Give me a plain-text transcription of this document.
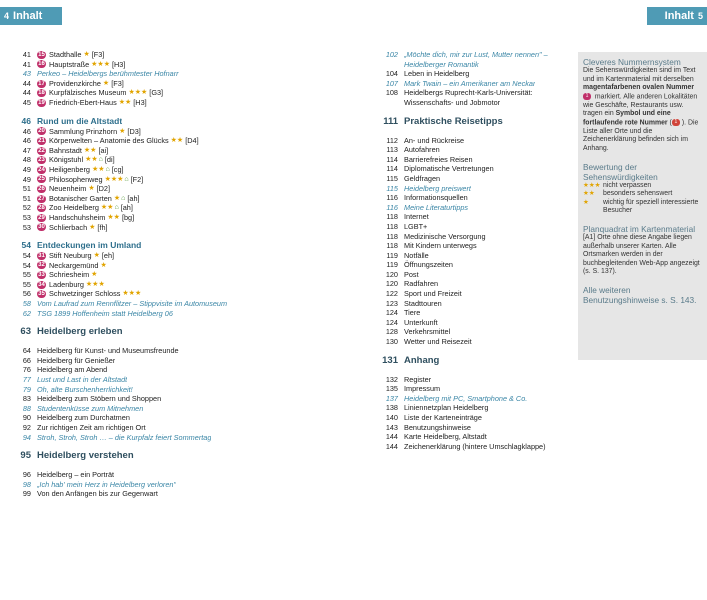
4 Inhalt	Inhalt 5
41	15 Stadthalle ★ [F3]
41	16 Hauptstraße ★★★ [H3]
43 Perkeo – Heidelbergs berühmtester Hofnarr
44	17 Providenzkirche ★ [F3]
44	18 Kurpfälzisches Museum ★★★ [G3]
45	19 Friedrich-Ebert-Haus ★★ [H3]
46 Rund um die Altstadt
46	20 Sammlung Prinzhorn ★ [D3]
46	21 Körperwelten – Anatomie des Glücks ★★ [D4]
47	22 Bahnstadt ★★ [ai]
48	23 Königstuhl ★★ ⌂ [di]
49	24 Heiligenberg ★★ ⌂ [cg]
49	25 Philosophenweg ★★★ ⌂ [F2]
51	26 Neuenheim ★ [D2]
51	27 Botanischer Garten ★ ⌂ [ah]
52	28 Zoo Heidelberg ★★ ⌂ [ah]
53	29 Handschuhsheim ★★ [bg]
53	30 Schlierbach ★ [fh]
54 Entdeckungen im Umland
54	31 Stift Neuburg ★ [eh]
54	32 Neckargemünd ★
55	33 Schriesheim ★
55	34 Ladenburg ★★★
56	35 Schwetzinger Schloss ★★★
58 Vom Laufrad zum Rennflitzer – Stippvisite im Automuseum
62 TSG 1899 Hoffenheim statt Heidelberg 06
63 Heidelberg erleben
64 Heidelberg für Kunst- und Museumsfreunde
66 Heidelberg für Genießer
76 Heidelberg am Abend
77 Lust und Last in der Altstadt
79 Oh, alte Burschenherrlichkeit!
83 Heidelberg zum Stöbern und Shoppen
88 Studentenküsse zum Mitnehmen
90 Heidelberg zum Durchatmen
92 Zur richtigen Zeit am richtigen Ort
94 Stroh, Stroh, Stroh … – die Kurpfalz feiert Sommertag
95 Heidelberg verstehen
96 Heidelberg – ein Porträt
98 „Ich hab' mein Herz in Heidelberg verloren"
99 Von den Anfängen bis zur Gegenwart
102 „Möchte dich, mir zur Lust, Mutter nennen" – Heidelberger Romantik
104 Leben in Heidelberg
107 Mark Twain – ein Amerikaner am Neckar
108 Heidelbergs Ruprecht-Karls-Universität: Wissenschafts- und Jobmotor
111 Praktische Reisetipps
112 An- und Rückreise
113 Autofahren
114 Barrierefreies Reisen
114 Diplomatische Vertretungen
115 Geldfragen
115 Heidelberg preiswert
116 Informationsquellen
116 Meine Literaturtipps
118 Internet
118 LGBT+
118 Medizinische Versorgung
118 Mit Kindern unterwegs
119 Notfälle
119 Öffnungszeiten
120 Post
120 Radfahren
122 Sport und Freizeit
123 Stadttouren
124 Tiere
124 Unterkunft
128 Verkehrsmittel
130 Wetter und Reisezeit
131 Anhang
132 Register
135 Impressum
137 Heidelberg mit PC, Smartphone & Co.
138 Liniennetzplan Heidelberg
140 Liste der Karteneinträge
143 Benutzungshinweise
144 Karte Heidelberg, Altstadt
144 Zeichenerklärung (hintere Umschlagklappe)
Cleveres Nummernsystem
Die Sehenswürdigkeiten sind im Text und im Kartenmaterial mit derselben magentafarbenen ovalen Nummer 1 markiert. Alle anderen Lokalitäten wie Geschäfte, Restaurants usw. tragen ein Symbol und eine fortlaufende rote Nummer ( 1 ). Die Liste aller Orte und die Zeichenerklärung befinden sich im Anhang.
Bewertung der Sehenswürdigkeiten
★★★ nicht verpassen
★★	besonders sehenswert
★	wichtig für speziell interessierte Besucher
Planquadrat im Kartenmaterial
[A1] Orte ohne diese Angabe liegen außerhalb unserer Karten. Alle Ortsmarken werden in der buchbegleitenden Web-App angezeigt (s. S. 137).
Alle weiteren Benutzungshinweise s. S. 143.
